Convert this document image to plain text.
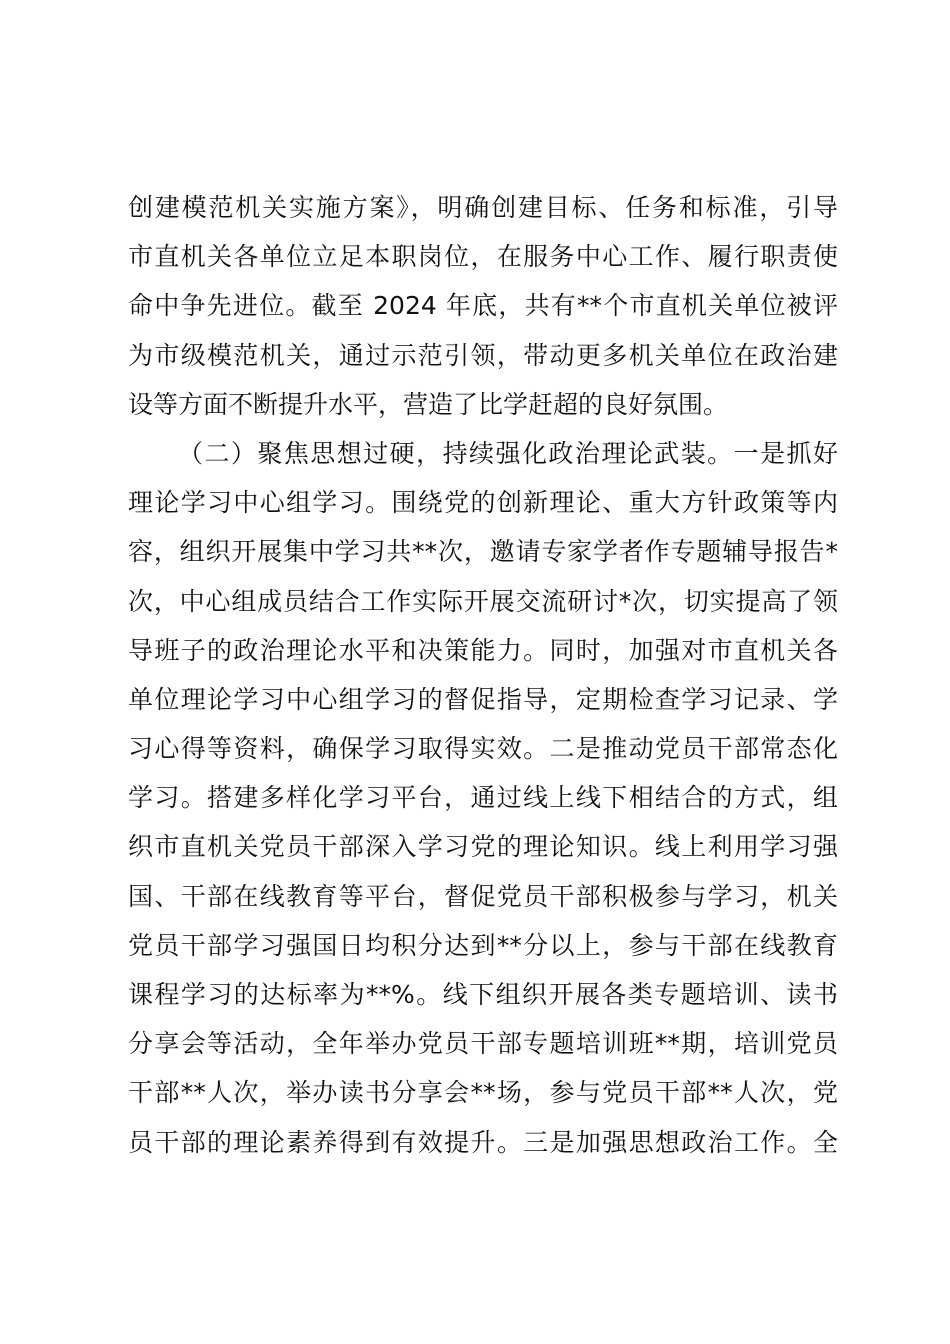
创建模范机关实施方案》，明确创建目标、任务和标准，引导
市直机关各单位立足本职岗位，在服务中心工作、履行职责使
命中争先进位。截至 2024 年底，共有**个市直机关单位被评
为市级模范机关，通过示范引领，带动更多机关单位在政治建
设等方面不断提升水平，营造了比学赶超的良好氛围。
（二）聚焦思想过硬，持续强化政治理论武装。一是抓好
理论学习中心组学习。围绕党的创新理论、重大方针政策等内
容，组织开展集中学习共**次，邀请专家学者作专题辅导报告*
次，中心组成员结合工作实际开展交流研讨*次，切实提高了领
导班子的政治理论水平和决策能力。同时，加强对市直机关各
单位理论学习中心组学习的督促指导，定期检查学习记录、学
习心得等资料，确保学习取得实效。二是推动党员干部常态化
学习。搭建多样化学习平台，通过线上线下相结合的方式，组
织市直机关党员干部深入学习党的理论知识。线上利用学习强
国、干部在线教育等平台，督促党员干部积极参与学习，机关
党员干部学习强国日均积分达到**分以上，参与干部在线教育
课程学习的达标率为**%。线下组织开展各类专题培训、读书
分享会等活动，全年举办党员干部专题培训班**期，培训党员
干部**人次，举办读书分享会**场，参与党员干部**人次，党
员干部的理论素养得到有效提升。三是加强思想政治工作。全
